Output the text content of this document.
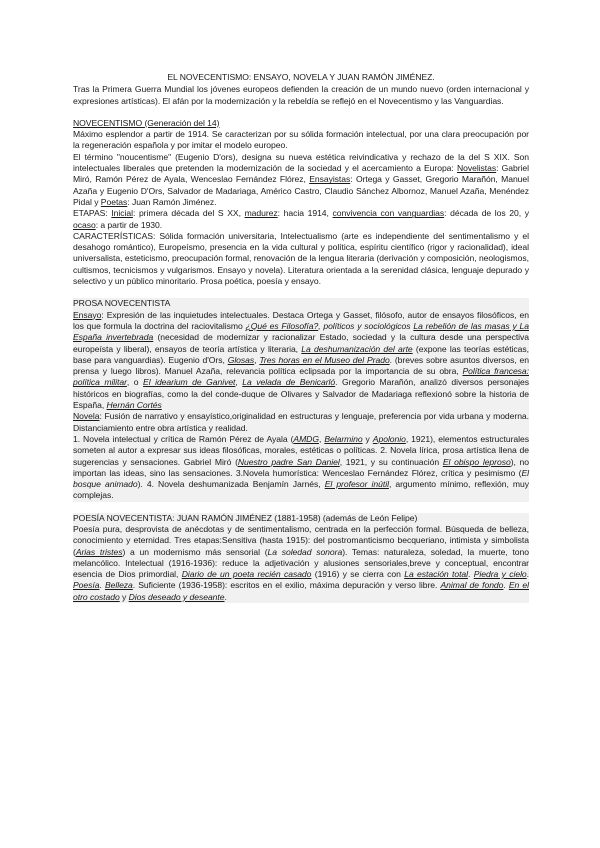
EL NOVECENTISMO: ENSAYO, NOVELA Y JUAN RAMÓN JIMÉNEZ.

Tras la Primera Guerra Mundial los jóvenes europeos defienden la creación de un mundo nuevo (orden internacional y expresiones artísticas). El afán por la modernización y la rebeldía se reflejó en el Novecentismo y las Vanguardias.

NOVECENTISMO (Generación del 14)

Máximo esplendor a partir de 1914. Se caracterizan por su sólida formación intelectual, por una clara preocupación por la regeneración española y por imitar el modelo europeo.

El término "noucentisme" (Eugenio D'ors), designa su nueva estética reivindicativa y rechazo de la del S XIX. Son intelectuales liberales que pretenden la modernización de la sociedad y el acercamiento a Europa: Novelistas: Gabriel Miró, Ramón Pérez de Ayala, Wenceslao Fernández Flórez, Ensayistas: Ortega y Gasset, Gregorio Marañón, Manuel Azaña y Eugenio D'Ors, Salvador de Madariaga, Américo Castro, Claudio Sánchez Albornoz, Manuel Azaña, Menéndez Pidal y Poetas: Juan Ramón Jiménez.

ETAPAS: Inicial: primera década del S XX, madurez: hacia 1914, convivencia con vanguardias: década de los 20, y ocaso: a partir de 1930.

CARACTERÍSTICAS: Sólida formación universitaria, Intelectualismo (arte es independiente del sentimentalismo y el desahogo romántico), Europeísmo, presencia en la vida cultural y política, espíritu científico (rigor y racionalidad), ideal universalista, esteticismo, preocupación formal, renovación de la lengua literaria (derivación y composición, neologismos, cultismos, tecnicismos y vulgarismos. Ensayo y novela). Literatura orientada a la serenidad clásica, lenguaje depurado y selectivo y un público minoritario. Prosa poética, poesía y ensayo.

PROSA NOVECENTISTA

Ensayo: Expresión de las inquietudes intelectuales. Destaca Ortega y Gasset, filósofo, autor de ensayos filosóficos, en los que formula la doctrina del raciovitalismo ¿Qué es Filosofía?, políticos y sociológicos La rebelión de las masas y La España invertebrada (necesidad de modernizar y racionalizar Estado, sociedad y la cultura desde una perspectiva europeísta y liberal), ensayos de teoría artística y literaria, La deshumanización del arte (expone las teorías estéticas, base para vanguardias). Eugenio d'Ors, Glosas, Tres horas en el Museo del Prado. (breves sobre asuntos diversos, en prensa y luego libros). Manuel Azaña, relevancia política eclipsada por la importancia de su obra, Política francesa: política militar, o El idearium de Ganivet, La velada de Benicarló. Gregorio Marañón, analizó diversos personajes históricos en biografías, como la del conde-duque de Olivares y Salvador de Madariaga reflexionó sobre la historia de España, Hernán Cortés

Novela: Fusión de narrativo y ensayístico,originalidad en estructuras y lenguaje, preferencia por vida urbana y moderna. Distanciamiento entre obra artística y realidad.

1. Novela intelectual y crítica de Ramón Pérez de Ayala (AMDG, Belarmino y Apolonio, 1921), elementos estructurales someten al autor a expresar sus ideas filosóficas, morales, estéticas o políticas. 2. Novela lírica, prosa artística llena de sugerencias y sensaciones. Gabriel Miró (Nuestro padre San Daniel, 1921, y su continuación El obispo leproso), no importan las ideas, sino las sensaciones. 3.Novela humorística: Wenceslao Fernández Flórez, crítica y pesimismo (El bosque animado). 4. Novela deshumanizada Benjamín Jarnés, El profesor inútil, argumento mínimo, reflexión, muy complejas.

POESÍA NOVECENTISTA: JUAN RAMÓN JIMÉNEZ (1881-1958) (además de León Felipe)

Poesía pura, desprovista de anécdotas y de sentimentalismo, centrada en la perfección formal. Búsqueda de belleza, conocimiento y eternidad. Tres etapas:Sensitiva (hasta 1915): del postromanticismo becqueriano, intimista y simbolista (Arias tristes) a un modernismo más sensorial (La soledad sonora). Temas: naturaleza, soledad, la muerte, tono melancólico. Intelectual (1916-1936): reduce la adjetivación y alusiones sensoriales,breve y conceptual, encontrar esencia de Dios primordial, Diario de un poeta recién casado (1916) y se cierra con La estación total. Piedra y cielo. Poesía. Belleza. Suficiente (1936-1958): escritos en el exilio, máxima depuración y verso libre. Animal de fondo. En el otro costado y Dios deseado y deseante.
